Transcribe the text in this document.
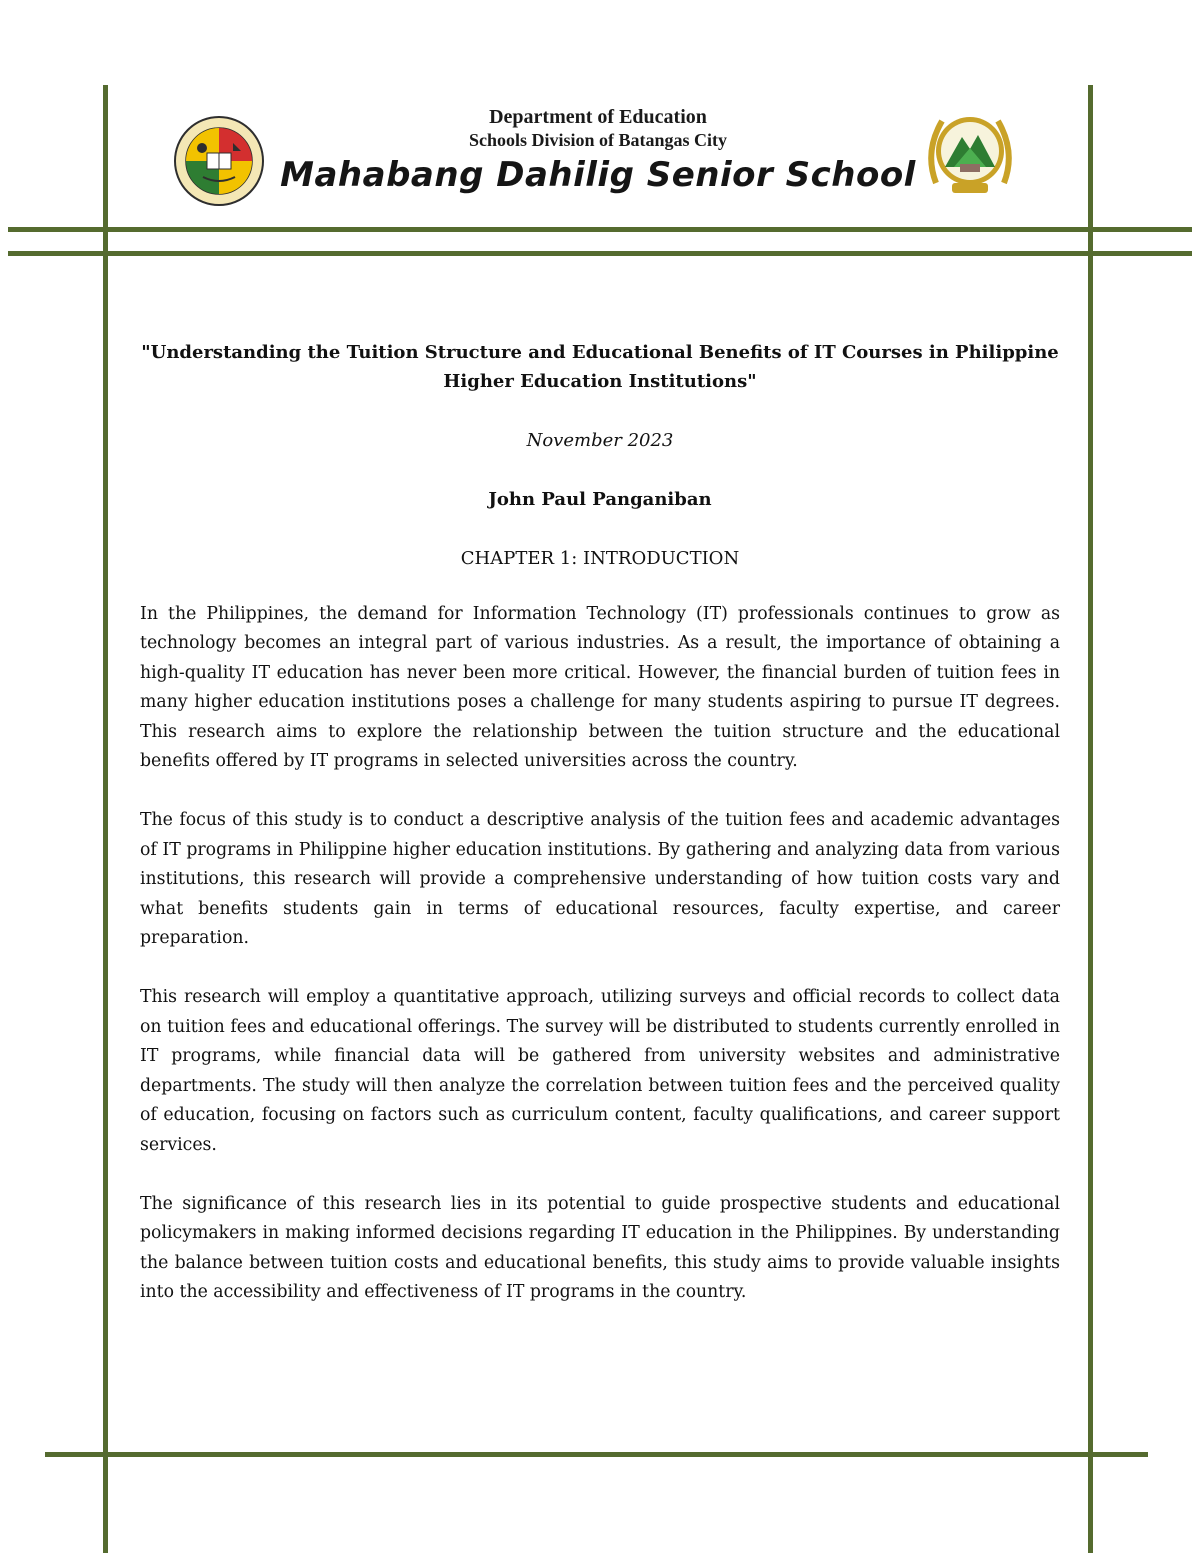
Department of Education
Schools Division of Batangas City
Mahabang Dahilig Senior School

"Understanding the Tuition Structure and Educational Benefits of IT Courses in Philippine Higher Education Institutions"

November 2023

John Paul Panganiban

CHAPTER 1: INTRODUCTION

In the Philippines, the demand for Information Technology (IT) professionals continues to grow as technology becomes an integral part of various industries. As a result, the importance of obtaining a high-quality IT education has never been more critical. However, the financial burden of tuition fees in many higher education institutions poses a challenge for many students aspiring to pursue IT degrees. This research aims to explore the relationship between the tuition structure and the educational benefits offered by IT programs in selected universities across the country.

The focus of this study is to conduct a descriptive analysis of the tuition fees and academic advantages of IT programs in Philippine higher education institutions. By gathering and analyzing data from various institutions, this research will provide a comprehensive understanding of how tuition costs vary and what benefits students gain in terms of educational resources, faculty expertise, and career preparation.

This research will employ a quantitative approach, utilizing surveys and official records to collect data on tuition fees and educational offerings. The survey will be distributed to students currently enrolled in IT programs, while financial data will be gathered from university websites and administrative departments. The study will then analyze the correlation between tuition fees and the perceived quality of education, focusing on factors such as curriculum content, faculty qualifications, and career support services.

The significance of this research lies in its potential to guide prospective students and educational policymakers in making informed decisions regarding IT education in the Philippines. By understanding the balance between tuition costs and educational benefits, this study aims to provide valuable insights into the accessibility and effectiveness of IT programs in the country.
